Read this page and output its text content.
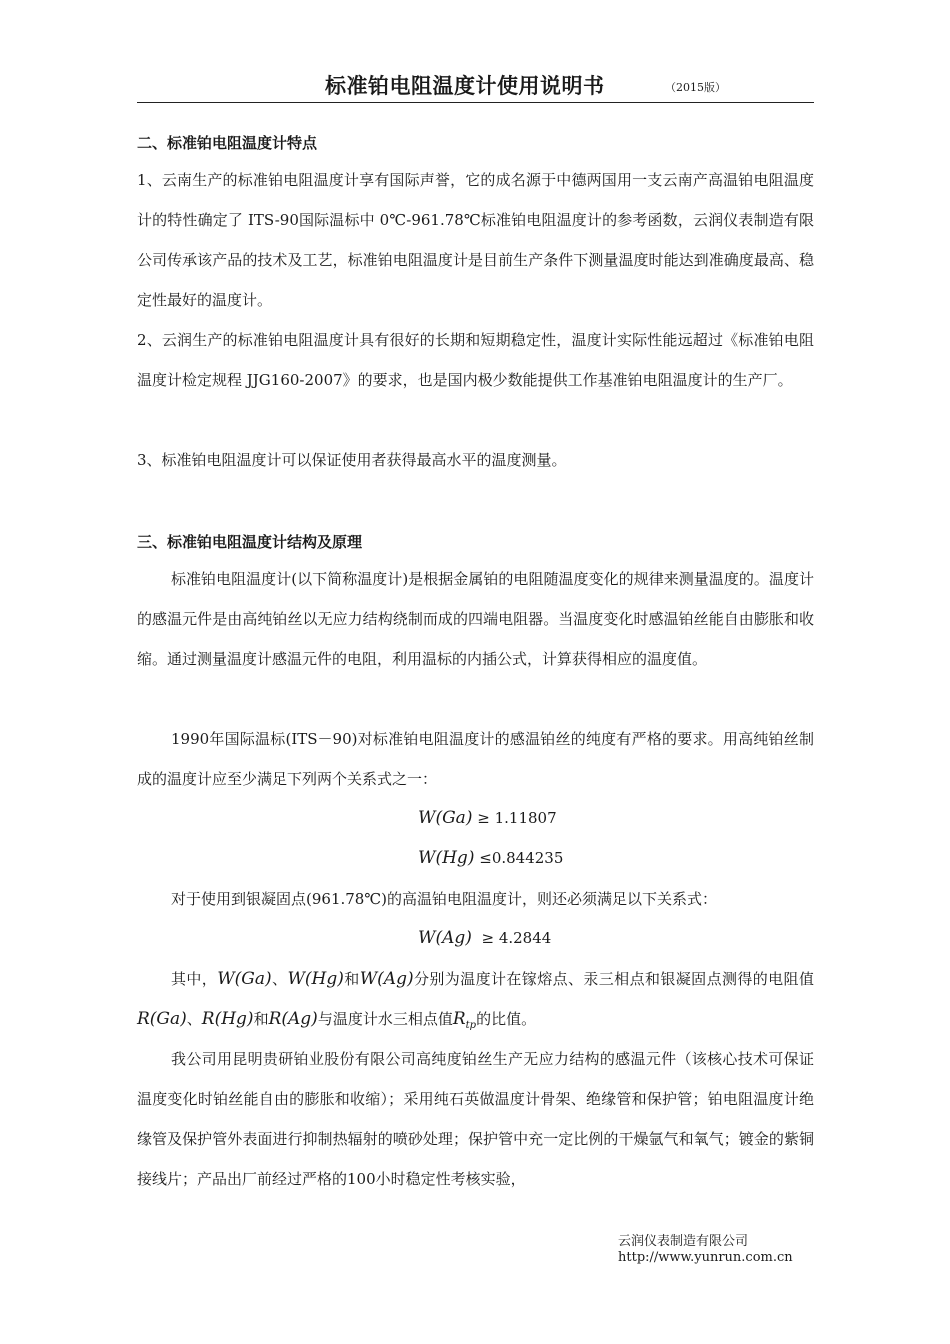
标准铂电阻温度计使用说明书	（2015版）
二、标准铂电阻温度计特点

1、云南生产的标准铂电阻温度计享有国际声誉，它的成名源于中德两国用一支云南产高温铂电阻温度计的特性确定了 ITS-90国际温标中 0℃-961.78℃标准铂电阻温度计的参考函数，云润仪表制造有限公司传承该产品的技术及工艺，标准铂电阻温度计是目前生产条件下测量温度时能达到准确度最高、稳定性最好的温度计。

2、云润生产的标准铂电阻温度计具有很好的长期和短期稳定性，温度计实际性能远超过《标准铂电阻温度计检定规程 JJG160-2007》的要求，也是国内极少数能提供工作基准铂电阻温度计的生产厂。

3、标准铂电阻温度计可以保证使用者获得最高水平的温度测量。

三、标准铂电阻温度计结构及原理

标准铂电阻温度计(以下简称温度计)是根据金属铂的电阻随温度变化的规律来测量温度的。温度计的感温元件是由高纯铂丝以无应力结构绕制而成的四端电阻器。当温度变化时感温铂丝能自由膨胀和收缩。通过测量温度计感温元件的电阻，利用温标的内插公式，计算获得相应的温度值。

1990年国际温标(ITS－90)对标准铂电阻温度计的感温铂丝的纯度有严格的要求。用高纯铂丝制成的温度计应至少满足下列两个关系式之一：

W(Ga) ≥ 1.11807
W(Hg) ≤0.844235

对于使用到银凝固点(961.78℃)的高温铂电阻温度计，则还必须满足以下关系式：

W(Ag) ≥ 4.2844

其中，W(Ga)、W(Hg)和W(Ag)分别为温度计在镓熔点、汞三相点和银凝固点测得的电阻值R(Ga)、R(Hg)和R(Ag)与温度计水三相点值$R_{tp}$的比值。

我公司用昆明贵研铂业股份有限公司高纯度铂丝生产无应力结构的感温元件（该核心技术可保证温度变化时铂丝能自由的膨胀和收缩）；采用纯石英做温度计骨架、绝缘管和保护管；铂电阻温度计绝缘管及保护管外表面进行抑制热辐射的喷砂处理；保护管中充一定比例的干燥氩气和氧气；镀金的紫铜接线片；产品出厂前经过严格的100小时稳定性考核实验，

云润仪表制造有限公司
http://www.yunrun.com.cn
